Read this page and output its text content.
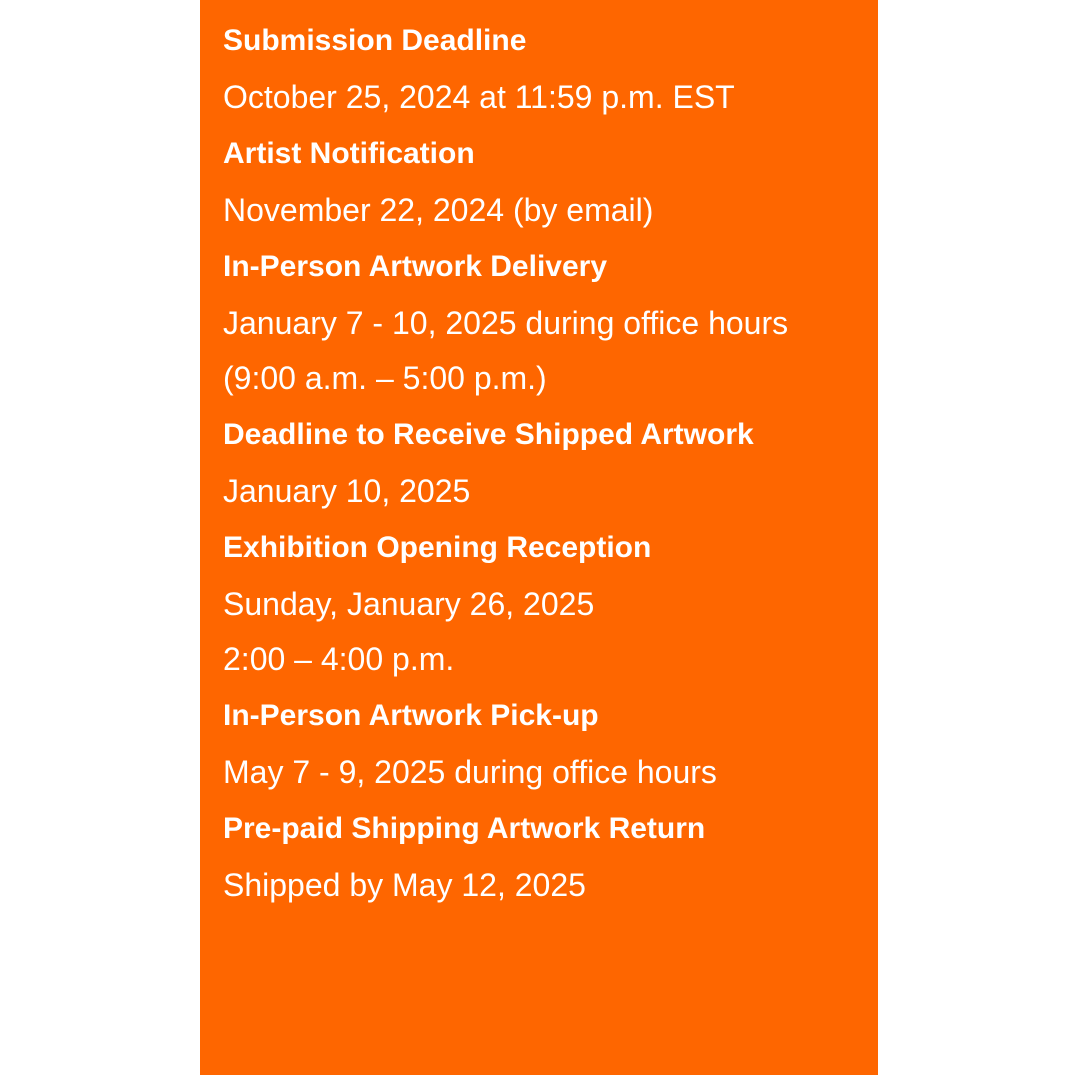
Submission Deadline
October 25, 2024 at 11:59 p.m. EST
Artist Notification
November 22, 2024 (by email)
In-Person Artwork Delivery
January 7 - 10, 2025 during office hours
(9:00 a.m. – 5:00 p.m.)
Deadline to Receive Shipped Artwork
January 10, 2025
Exhibition Opening Reception
Sunday, January 26, 2025
2:00 – 4:00 p.m.
In-Person Artwork Pick-up
May 7 - 9, 2025 during office hours
Pre-paid Shipping Artwork Return
Shipped by May 12, 2025
